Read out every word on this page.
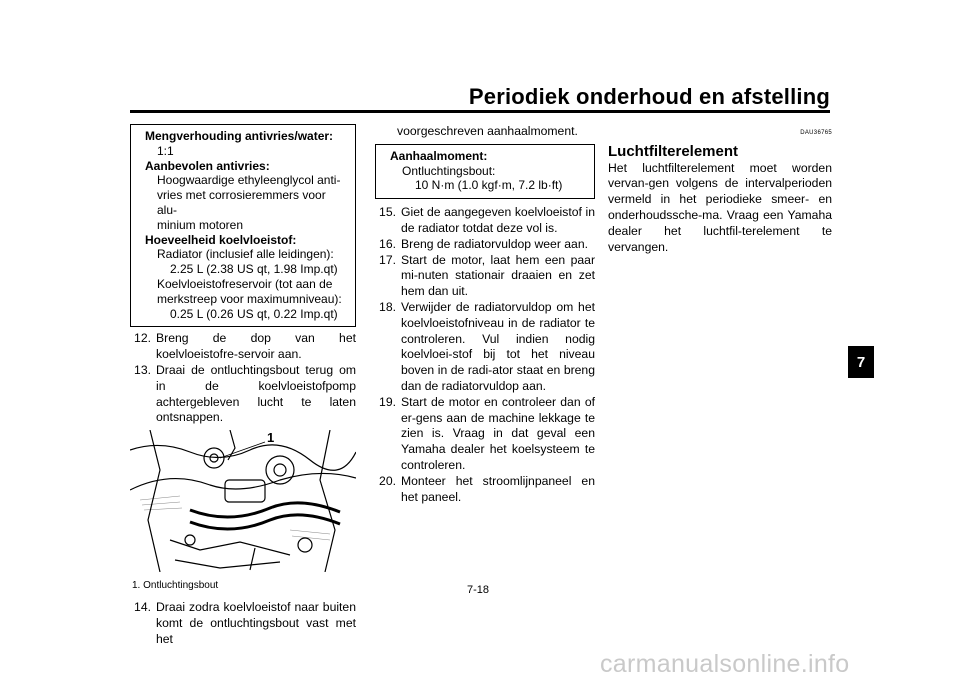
Periodiek onderhoud en afstelling
7
Mengverhouding antivries/water:
1:1
Aanbevolen antivries:
Hoogwaardige ethyleenglycol anti-
vries met corrosieremmers voor alu-
minium motoren
Hoeveelheid koelvloeistof:
Radiator (inclusief alle leidingen):
2.25 L (2.38 US qt, 1.98 Imp.qt)
Koelvloeistofreservoir (tot aan de
merkstreep voor maximumniveau):
0.25 L (0.26 US qt, 0.22 Imp.qt)
12. Breng de dop van het koelvloeistofre-servoir aan.
13. Draai de ontluchtingsbout terug om in de koelvloeistofpomp achtergebleven lucht te laten ontsnappen.
1
1. Ontluchtingsbout
14. Draai zodra koelvloeistof naar buiten komt de ontluchtingsbout vast met het
voorgeschreven aanhaalmoment.
Aanhaalmoment:
Ontluchtingsbout:
10 N·m (1.0 kgf·m, 7.2 lb·ft)
15. Giet de aangegeven koelvloeistof in de radiator totdat deze vol is.
16. Breng de radiatorvuldop weer aan.
17. Start de motor, laat hem een paar mi-nuten stationair draaien en zet hem dan uit.
18. Verwijder de radiatorvuldop om het koelvloeistofniveau in de radiator te controleren. Vul indien nodig koelvloei-stof bij tot het niveau boven in de radi-ator staat en breng dan de radiatorvuldop aan.
19. Start de motor en controleer dan of er-gens aan de machine lekkage te zien is. Vraag in dat geval een Yamaha dealer het koelsysteem te controleren.
20. Monteer het stroomlijnpaneel en het paneel.
DAU36765
Luchtfilterelement
Het luchtfilterelement moet worden vervan-gen volgens de intervalperioden vermeld in het periodieke smeer- en onderhoudssche-ma. Vraag een Yamaha dealer het luchtfil-terelement te vervangen.
7-18
carmanualsonline.info
